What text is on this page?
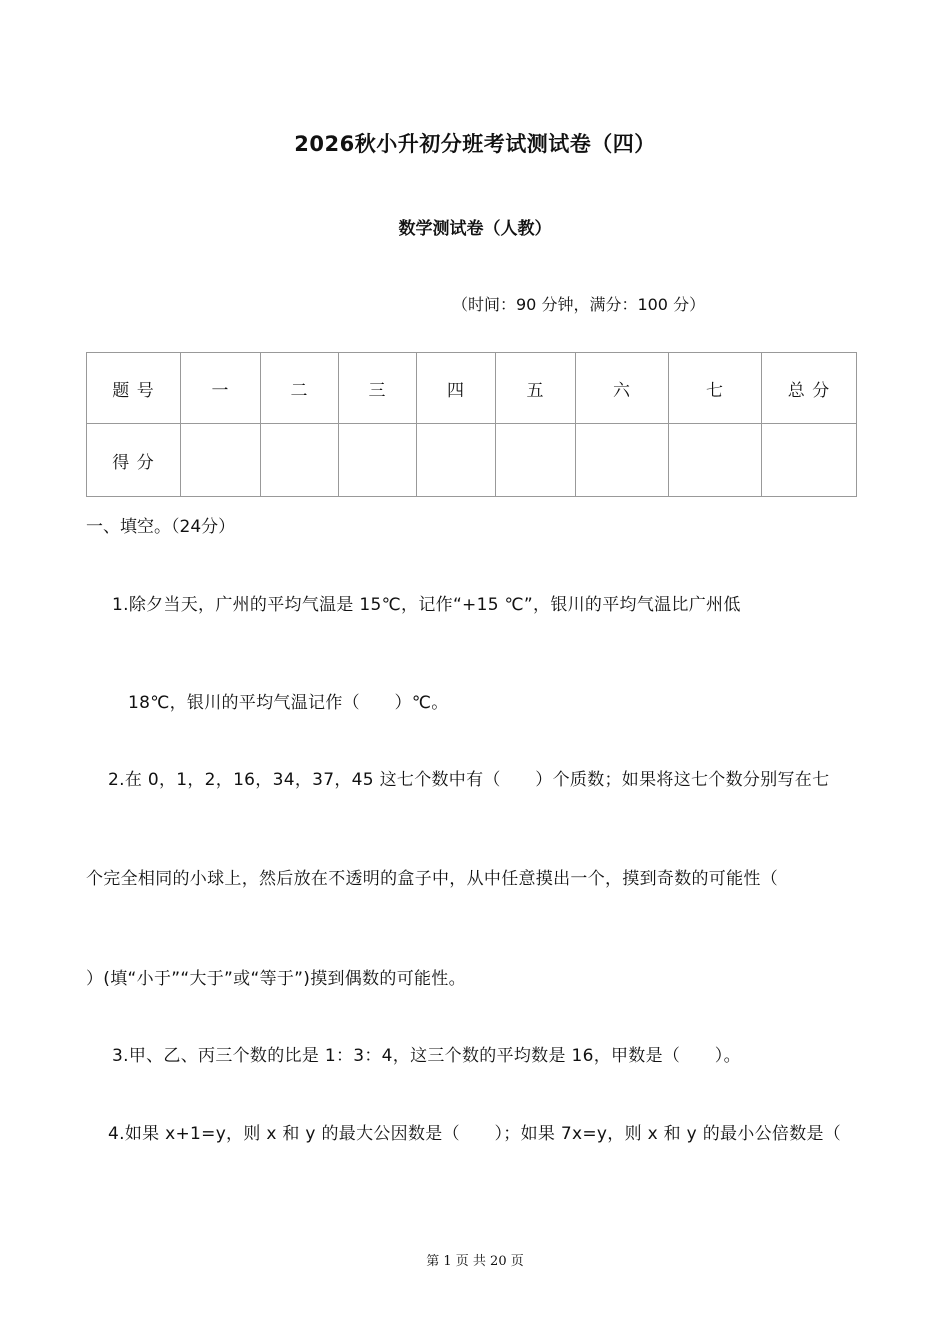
2026秋小升初分班考试测试卷（四）
数学测试卷（人教）
（时间：90 分钟，满分：100 分）
题 号	一	二	三	四	五	六	七	总 分
得 分								
一、填空。（24分）
1.除夕当天，广州的平均气温是 15℃，记作“+15 ℃”，银川的平均气温比广州低
18℃，银川的平均气温记作（　　）℃。
2.在 0，1，2，16，34，37，45 这七个数中有（　　）个质数；如果将这七个数分别写在七
个完全相同的小球上，然后放在不透明的盒子中，从中任意摸出一个，摸到奇数的可能性（
）(填“小于”“大于”或“等于”)摸到偶数的可能性。
3.甲、乙、丙三个数的比是 1：3：4，这三个数的平均数是 16，甲数是（　　）。
4.如果 x+1=y，则 x 和 y 的最大公因数是（　　）；如果 7x=y，则 x 和 y 的最小公倍数是（
第 1 页 共 20 页
